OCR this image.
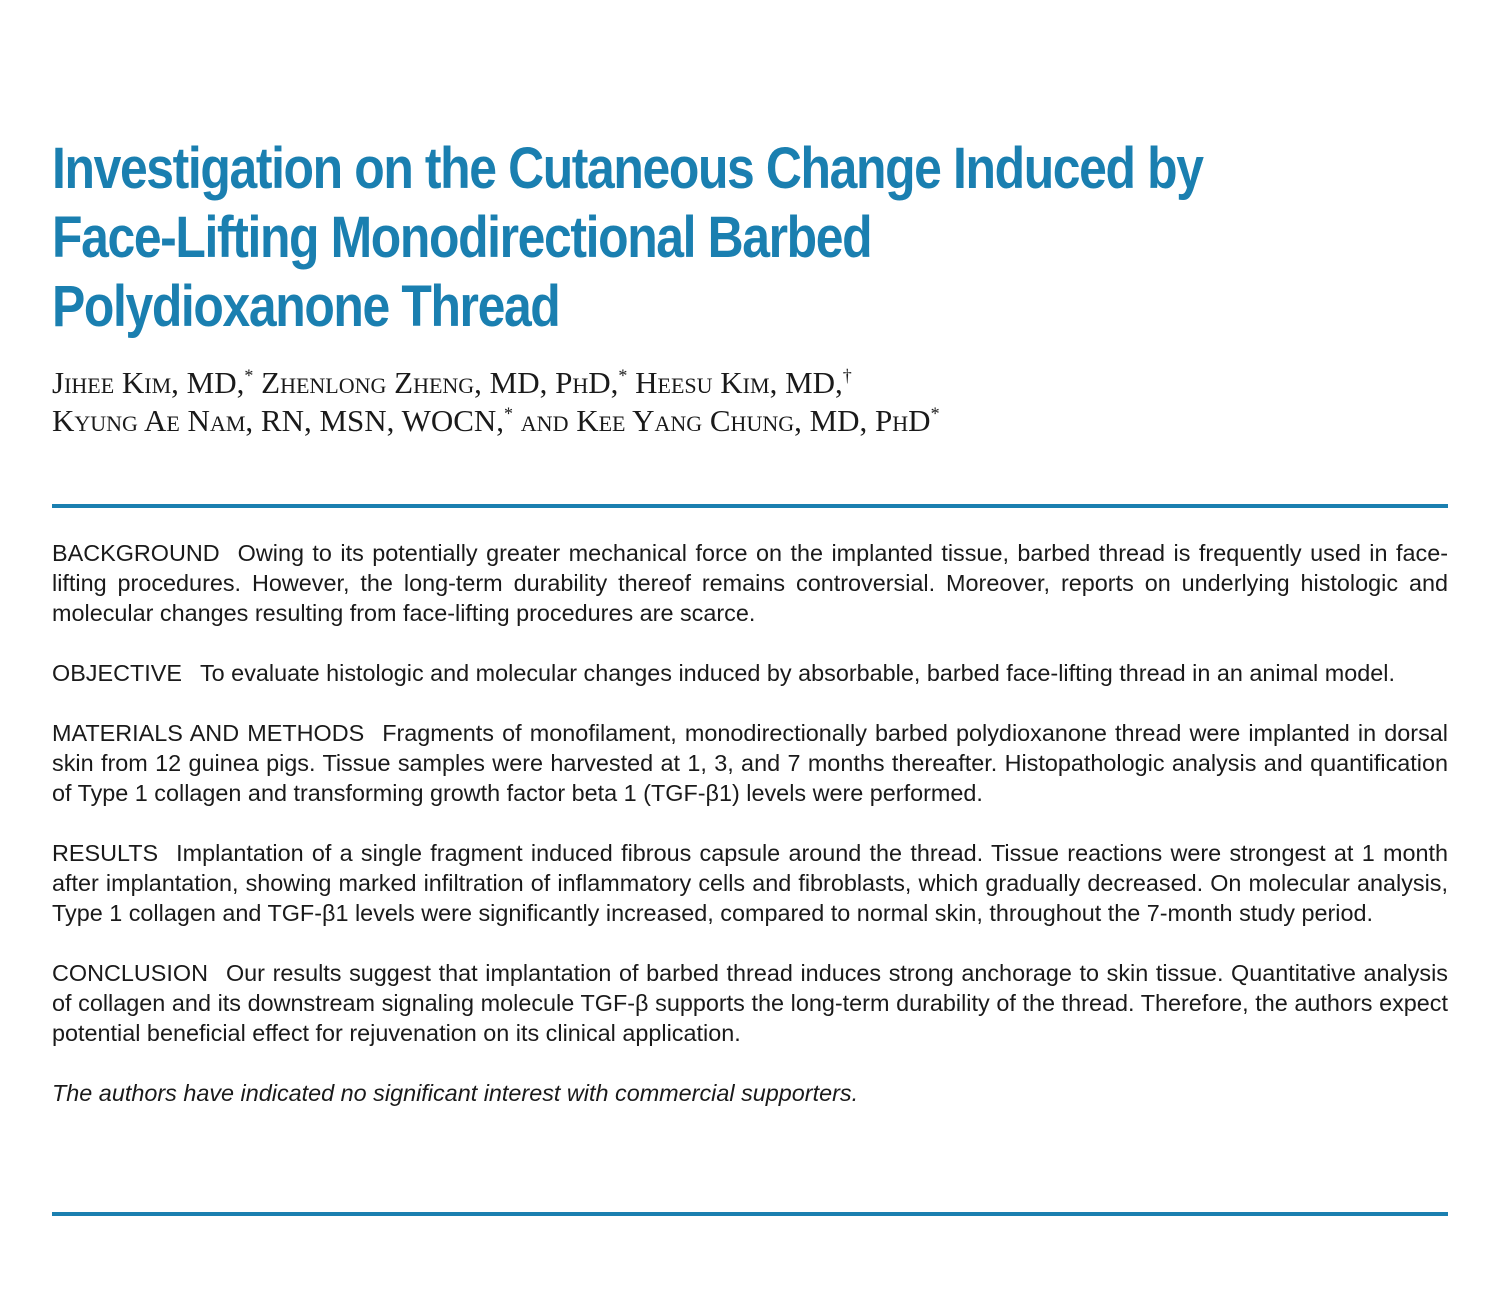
Investigation on the Cutaneous Change Induced by
Face-Lifting Monodirectional Barbed
Polydioxanone Thread
Jihee Kim, MD,* Zhenlong Zheng, MD, PhD,* Heesu Kim, MD,†
Kyung Ae Nam, RN, MSN, WOCN,* and Kee Yang Chung, MD, PhD*

BACKGROUND Owing to its potentially greater mechanical force on the implanted tissue, barbed thread is frequently used in face-lifting procedures. However, the long-term durability thereof remains controversial. Moreover, reports on underlying histologic and molecular changes resulting from face-lifting procedures are scarce.

OBJECTIVE To evaluate histologic and molecular changes induced by absorbable, barbed face-lifting thread in an animal model.

MATERIALS AND METHODS Fragments of monofilament, monodirectionally barbed polydioxanone thread were implanted in dorsal skin from 12 guinea pigs. Tissue samples were harvested at 1, 3, and 7 months thereafter. Histopathologic analysis and quantification of Type 1 collagen and transforming growth factor beta 1 (TGF-β1) levels were performed.

RESULTS Implantation of a single fragment induced fibrous capsule around the thread. Tissue reactions were strongest at 1 month after implantation, showing marked infiltration of inflammatory cells and fibroblasts, which gradually decreased. On molecular analysis, Type 1 collagen and TGF-β1 levels were significantly increased, compared to normal skin, throughout the 7-month study period.

CONCLUSION Our results suggest that implantation of barbed thread induces strong anchorage to skin tissue. Quantitative analysis of collagen and its downstream signaling molecule TGF-β supports the long-term durability of the thread. Therefore, the authors expect potential beneficial effect for rejuvenation on its clinical application.

The authors have indicated no significant interest with commercial supporters.
